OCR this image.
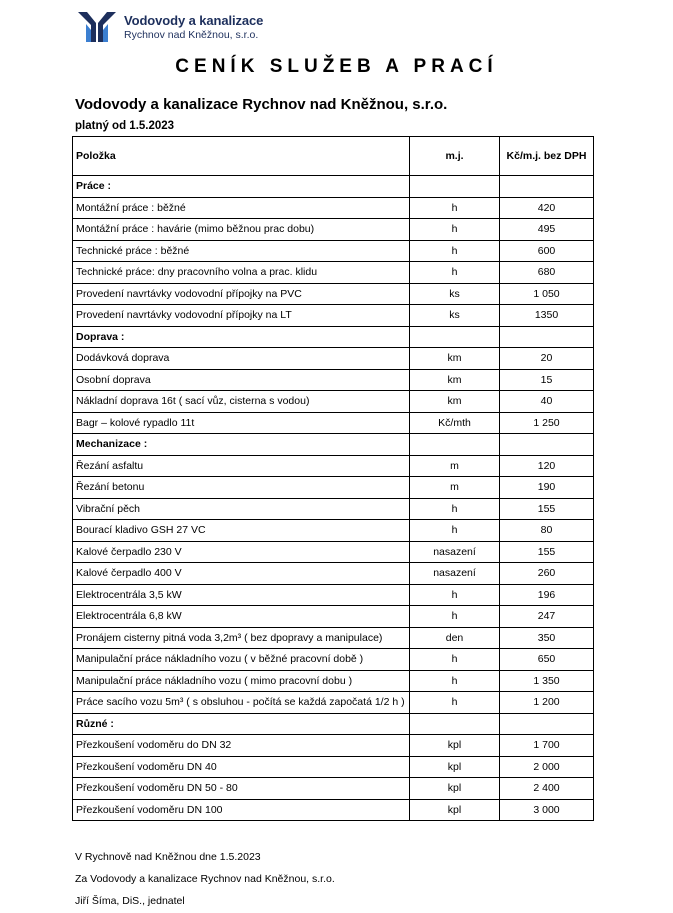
Vodovody a kanalizace
Rychnov nad Kněžnou, s.r.o.
CENÍK SLUŽEB A PRACÍ
Vodovody a kanalizace Rychnov nad Kněžnou, s.r.o.
platný od 1.5.2023
Položka	m.j.	Kč/m.j. bez DPH
Práce :		
Montážní práce : běžné	h	420
Montážní práce : havárie (mimo běžnou prac dobu)	h	495
Technické práce : běžné	h	600
Technické práce: dny pracovního volna a prac. klidu	h	680
Provedení navrtávky vodovodní přípojky na PVC	ks	1 050
Provedení navrtávky vodovodní přípojky na LT	ks	1350
Doprava :		
Dodávková doprava	km	20
Osobní doprava	km	15
Nákladní doprava 16t ( sací vůz, cisterna s vodou)	km	40
Bagr – kolové rypadlo 11t	Kč/mth	1 250
Mechanizace :		
Řezání asfaltu	m	120
Řezání betonu	m	190
Vibrační pěch	h	155
Bourací kladivo GSH 27 VC	h	80
Kalové čerpadlo 230 V	nasazení	155
Kalové čerpadlo 400 V	nasazení	260
Elektrocentrála 3,5 kW	h	196
Elektrocentrála 6,8 kW	h	247
Pronájem cisterny pitná voda 3,2m³ ( bez dpopravy a manipulace)	den	350
Manipulační práce nákladního vozu ( v běžné pracovní době )	h	650
Manipulační práce nákladního vozu ( mimo pracovní dobu )	h	1 350
Práce sacího vozu 5m³ ( s obsluhou - počítá se každá započatá 1/2 h )	h	1 200
Různé :		
Přezkoušení vodoměru do DN 32	kpl	1 700
Přezkoušení vodoměru DN 40	kpl	2 000
Přezkoušení vodoměru DN 50 - 80	kpl	2 400
Přezkoušení vodoměru DN 100	kpl	3 000
V Rychnově nad Kněžnou dne 1.5.2023
Za Vodovody a kanalizace Rychnov nad Kněžnou, s.r.o.
Jiří Šíma, DiS., jednatel
